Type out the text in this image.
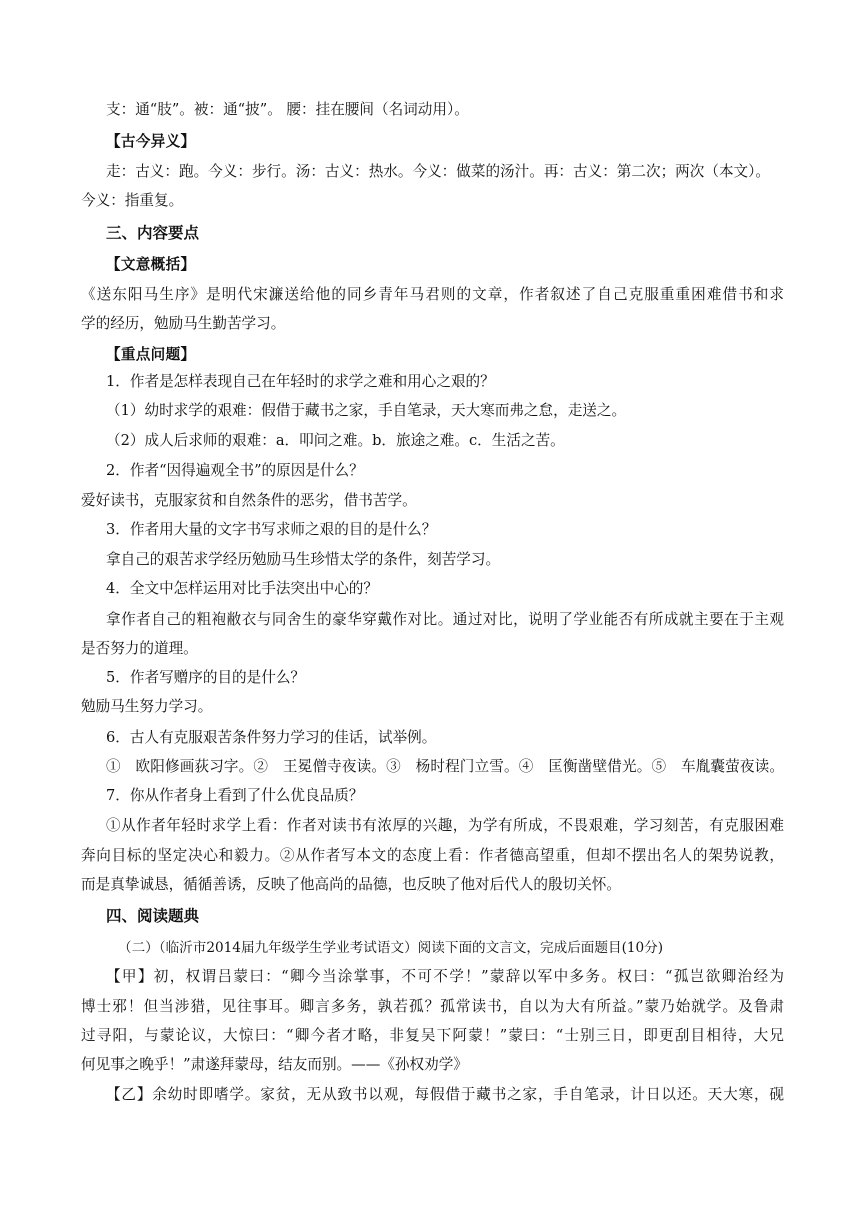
支：通“肢”。被：通“披”。 腰：挂在腰间（名词动用）。
【古今异义】
走：古义：跑。今义：步行。汤：古义：热水。今义：做菜的汤汁。再：古义：第二次；两次（本文）。
今义：指重复。
三、内容要点
【文意概括】
《送东阳马生序》是明代宋濂送给他的同乡青年马君则的文章，作者叙述了自己克服重重困难借书和求
学的经历，勉励马生勤苦学习。
【重点问题】
1．作者是怎样表现自己在年轻时的求学之难和用心之艰的？
（1）幼时求学的艰难：假借于藏书之家，手自笔录，天大寒而弗之怠，走送之。
（2）成人后求师的艰难：a．叩问之难。b．旅途之难。c．生活之苦。
2．作者“因得遍观全书”的原因是什么？
爱好读书，克服家贫和自然条件的恶劣，借书苦学。
3．作者用大量的文字书写求师之艰的目的是什么？
拿自己的艰苦求学经历勉励马生珍惜太学的条件，刻苦学习。
4．全文中怎样运用对比手法突出中心的？
拿作者自己的粗袍敝衣与同舍生的豪华穿戴作对比。通过对比，说明了学业能否有所成就主要在于主观
是否努力的道理。
5．作者写赠序的目的是什么？
勉励马生努力学习。
6．古人有克服艰苦条件努力学习的佳话，试举例。
①　欧阳修画荻习字。②　王冕僧寺夜读。③　杨时程门立雪。④　匡衡凿壁借光。⑤　车胤囊萤夜读。
7．你从作者身上看到了什么优良品质？
①从作者年轻时求学上看：作者对读书有浓厚的兴趣，为学有所成，不畏艰难，学习刻苦，有克服困难
奔向目标的坚定决心和毅力。②从作者写本文的态度上看：作者德高望重，但却不摆出名人的架势说教，
而是真挚诚恳，循循善诱，反映了他高尚的品德，也反映了他对后代人的殷切关怀。
四、阅读题典
（二）（临沂市2014届九年级学生学业考试语文）阅读下面的文言文，完成后面题目(10分)
【甲】初，权谓吕蒙曰：“卿今当涂掌事，不可不学！”蒙辞以军中多务。权曰：“孤岂欲卿治经为
博士邪！但当涉猎，见往事耳。卿言多务，孰若孤？孤常读书，自以为大有所益。”蒙乃始就学。及鲁肃
过寻阳，与蒙论议，大惊曰：“卿今者才略，非复吴下阿蒙！”蒙曰：“士别三日，即更刮目相待，大兄
何见事之晚乎！”肃遂拜蒙母，结友而别。——《孙权劝学》
【乙】余幼时即嗜学。家贫，无从致书以观，每假借于藏书之家，手自笔录，计日以还。天大寒，砚
